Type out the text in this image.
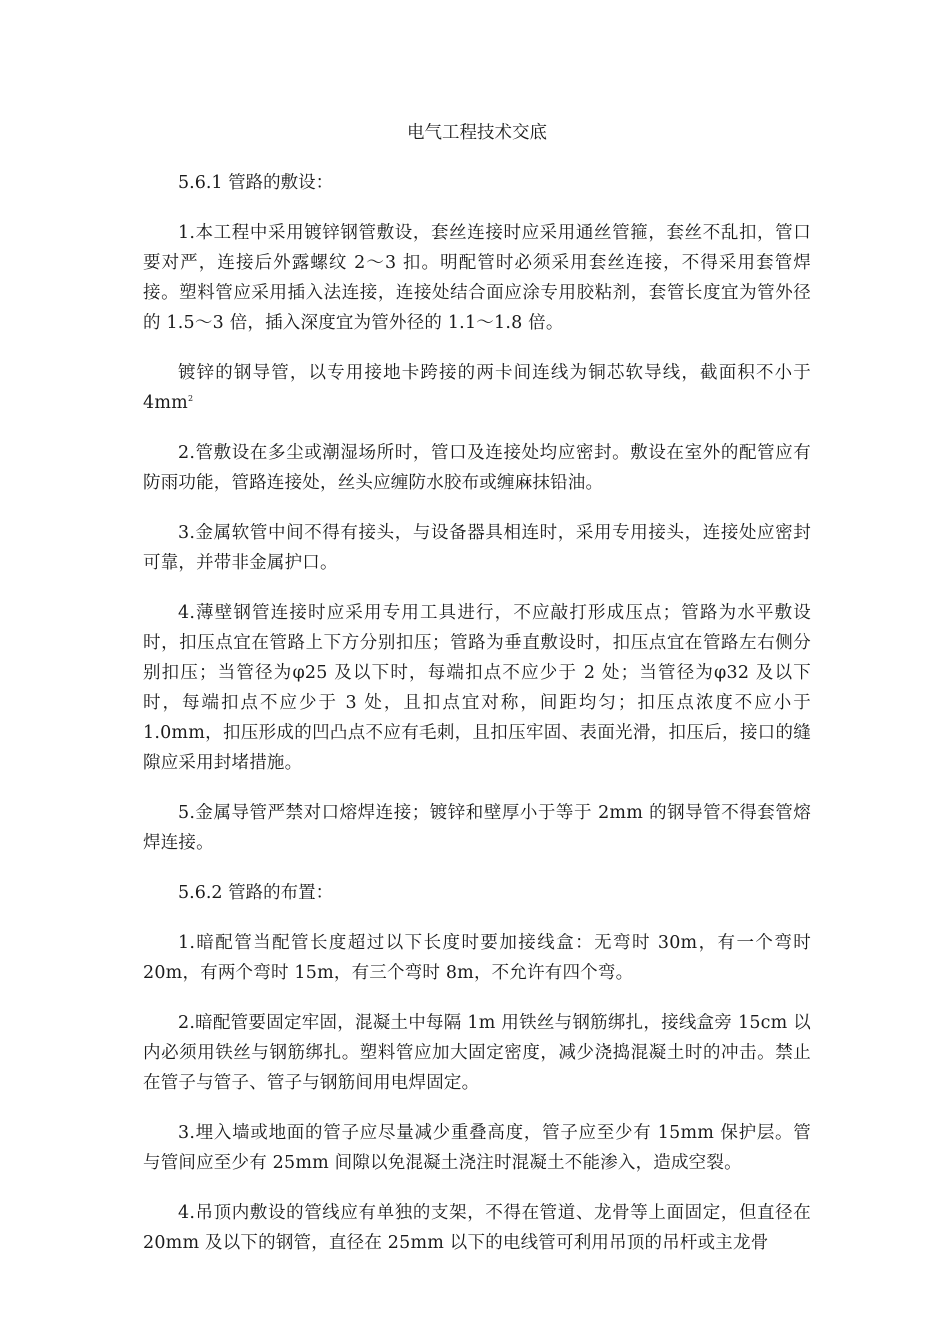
电气工程技术交底
5.6.1 管路的敷设：

1.本工程中采用镀锌钢管敷设，套丝连接时应采用通丝管箍，套丝不乱扣，管口要对严，连接后外露螺纹 2～3 扣。明配管时必须采用套丝连接，不得采用套管焊接。塑料管应采用插入法连接，连接处结合面应涂专用胶粘剂，套管长度宜为管外径的 1.5～3 倍，插入深度宜为管外径的 1.1～1.8 倍。

镀锌的钢导管，以专用接地卡跨接的两卡间连线为铜芯软导线，截面积不小于 $4mm^2$

2.管敷设在多尘或潮湿场所时，管口及连接处均应密封。敷设在室外的配管应有防雨功能，管路连接处，丝头应缠防水胶布或缠麻抹铅油。

3.金属软管中间不得有接头，与设备器具相连时，采用专用接头，连接处应密封可靠，并带非金属护口。

4.薄壁钢管连接时应采用专用工具进行，不应敲打形成压点；管路为水平敷设时，扣压点宜在管路上下方分别扣压；管路为垂直敷设时，扣压点宜在管路左右侧分别扣压；当管径为φ25 及以下时，每端扣点不应少于 2 处；当管径为φ32 及以下时，每端扣点不应少于 3 处，且扣点宜对称，间距均匀；扣压点浓度不应小于 1.0mm，扣压形成的凹凸点不应有毛刺，且扣压牢固、表面光滑，扣压后，接口的缝隙应采用封堵措施。

5.金属导管严禁对口熔焊连接；镀锌和壁厚小于等于 2mm 的钢导管不得套管熔焊连接。

5.6.2 管路的布置：

1.暗配管当配管长度超过以下长度时要加接线盒：无弯时 30m，有一个弯时 20m，有两个弯时 15m，有三个弯时 8m，不允许有四个弯。

2.暗配管要固定牢固，混凝土中每隔 1m 用铁丝与钢筋绑扎，接线盒旁 15cm 以内必须用铁丝与钢筋绑扎。塑料管应加大固定密度，减少浇捣混凝土时的冲击。禁止在管子与管子、管子与钢筋间用电焊固定。

3.埋入墙或地面的管子应尽量减少重叠高度，管子应至少有 15mm 保护层。管与管间应至少有 25mm 间隙以免混凝土浇注时混凝土不能渗入，造成空裂。

4.吊顶内敷设的管线应有单独的支架，不得在管道、龙骨等上面固定，但直径在 20mm 及以下的钢管，直径在 25mm 以下的电线管可利用吊顶的吊杆或主龙骨
